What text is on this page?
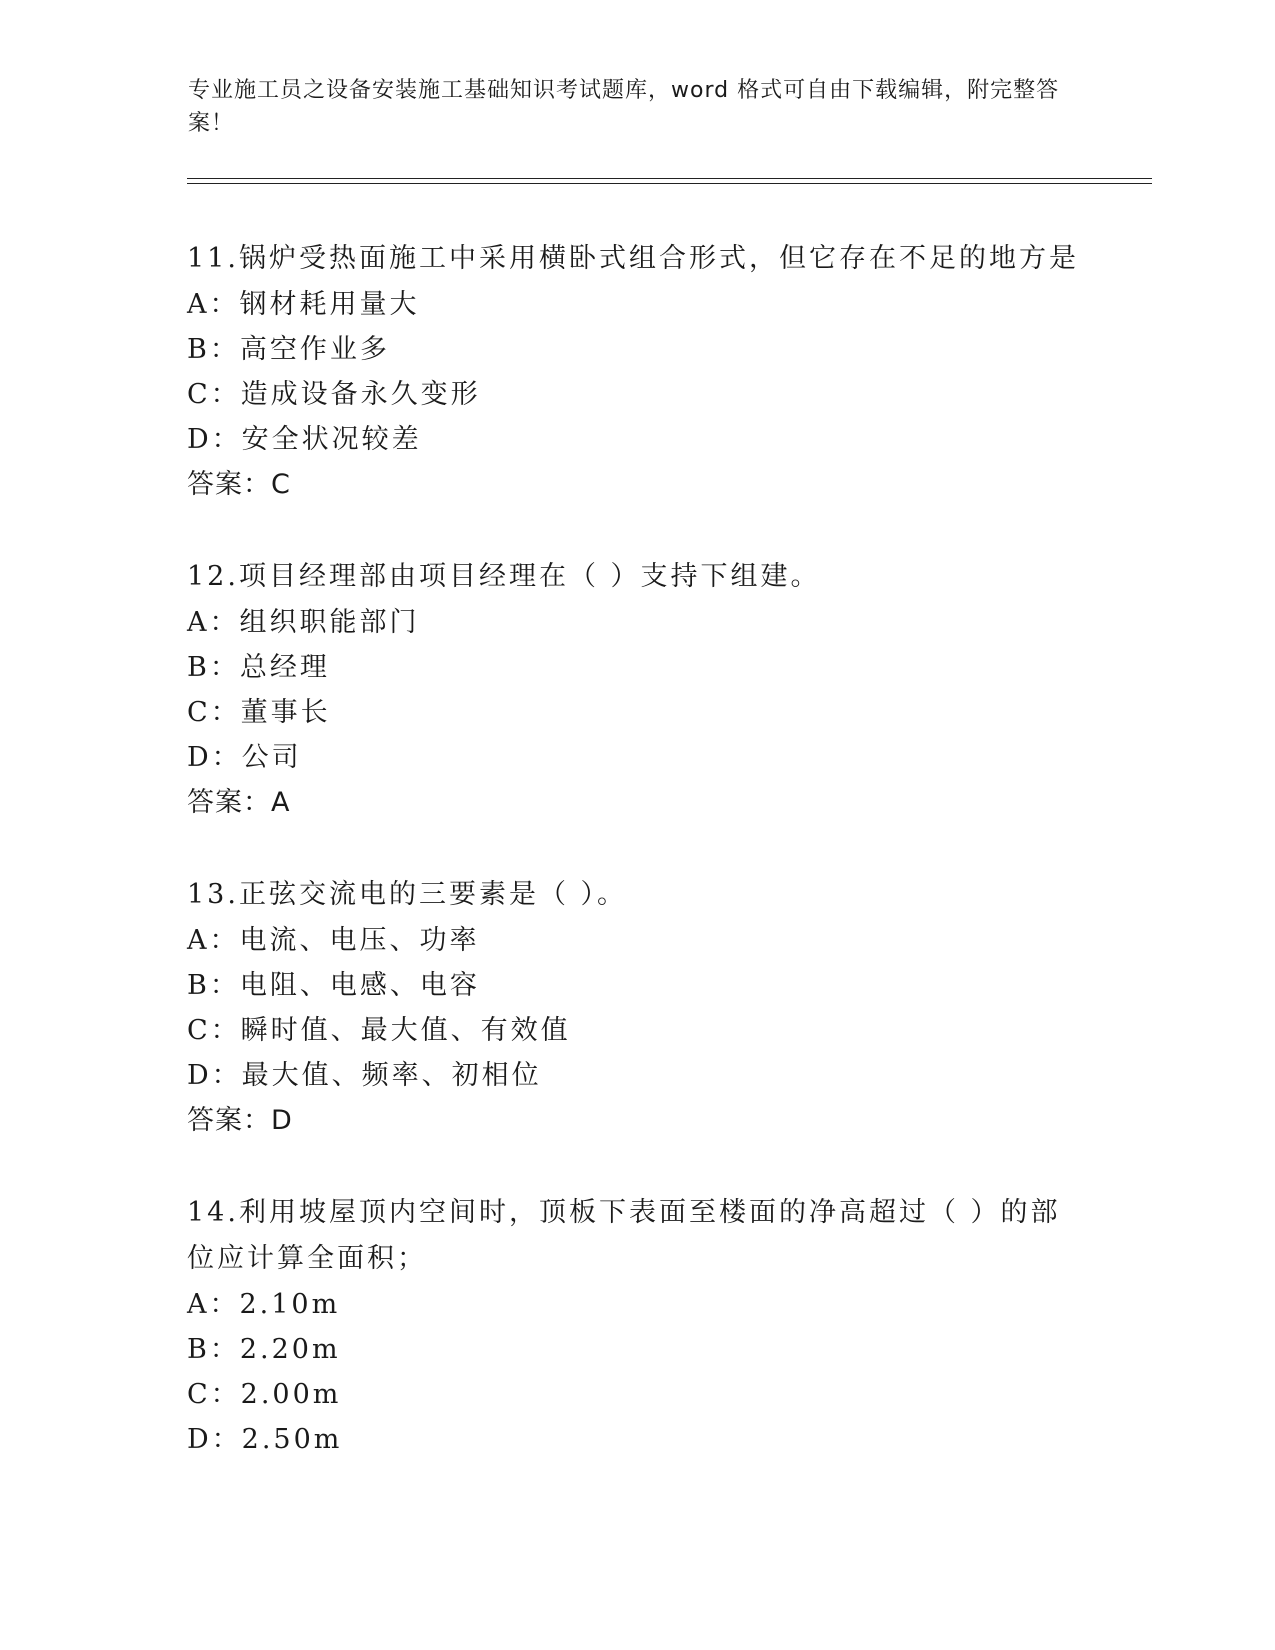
专业施工员之设备安装施工基础知识考试题库，word 格式可自由下载编辑，附完整答案！
11.锅炉受热面施工中采用横卧式组合形式，但它存在不足的地方是
A：钢材耗用量大
B：高空作业多
C：造成设备永久变形
D：安全状况较差
答案：C
12.项目经理部由项目经理在（ ）支持下组建。
A：组织职能部门
B：总经理
C：董事长
D：公司
答案：A
13.正弦交流电的三要素是（ ）。
A：电流、电压、功率
B：电阻、电感、电容
C：瞬时值、最大值、有效值
D：最大值、频率、初相位
答案：D
14.利用坡屋顶内空间时，顶板下表面至楼面的净高超过（ ）的部位应计算全面积；
A：2.10m
B：2.20m
C：2.00m
D：2.50m
